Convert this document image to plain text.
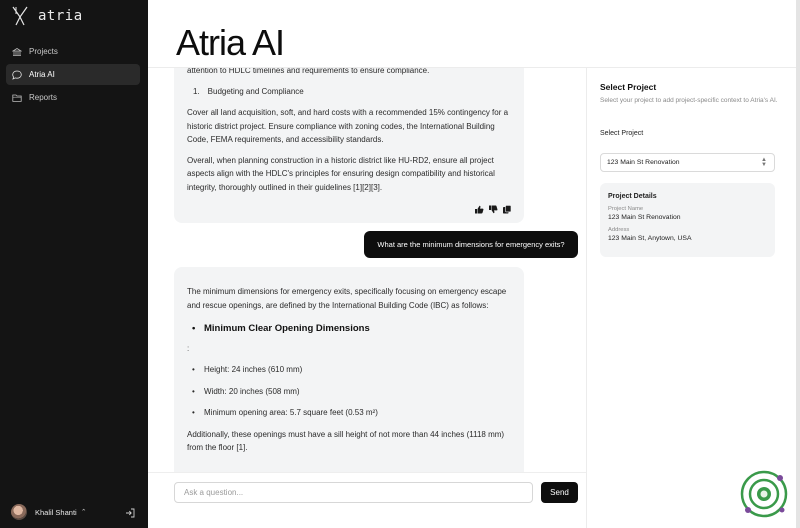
atria
Projects
Atria AI
Reports
Khalil Shanti ⌃
Atria AI

attention to HDLC timelines and requirements to ensure compliance.

1. Budgeting and Compliance

Cover all land acquisition, soft, and hard costs with a recommended 15% contingency for a historic district project. Ensure compliance with zoning codes, the International Building Code, FEMA requirements, and accessibility standards.

Overall, when planning construction in a historic district like HU-RD2, ensure all project aspects align with the HDLC's principles for ensuring design compatibility and historical integrity, thoroughly outlined in their guidelines [1][2][3].

What are the minimum dimensions for emergency exits?

The minimum dimensions for emergency exits, specifically focusing on emergency escape and rescue openings, are defined by the International Building Code (IBC) as follows:

• Minimum Clear Opening Dimensions
:
• Height: 24 inches (610 mm)
• Width: 20 inches (508 mm)
• Minimum opening area: 5.7 square feet (0.53 m²)

Additionally, these openings must have a sill height of not more than 44 inches (1118 mm) from the floor [1].

Ask a question...
Send
Select Project
Select your project to add project-specific context to Atria's AI.
Select Project
123 Main St Renovation	▲
▼
Project Details
Project Name
123 Main St Renovation
Address
123 Main St, Anytown, USA
